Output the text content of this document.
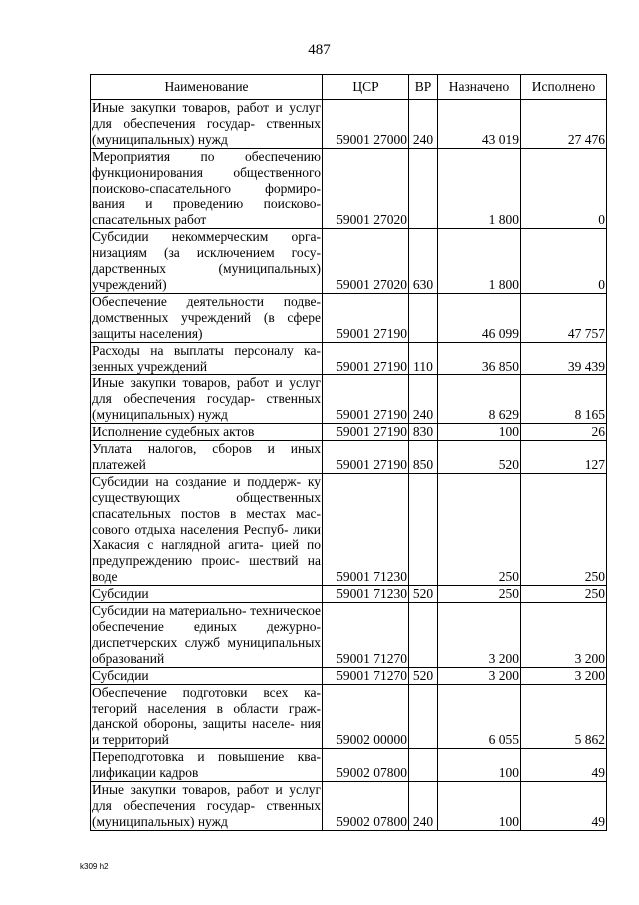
487
Наименование	ЦСР	ВР	Назначено	Исполнено
Иные закупки товаров, работ и услуг для обеспечения государ- ственных (муниципальных) нужд	59001 27000	240	43 019	27 476
Мероприятия по обеспечению функционирования общественного поисково-спасательного формиро- вания и проведению поисково- спасательных работ	59001 27020		1 800	0
Субсидии некоммерческим орга- низациям (за исключением госу- дарственных (муниципальных) учреждений)	59001 27020	630	1 800	0
Обеспечение деятельности подве- домственных учреждений (в сфере защиты населения)	59001 27190		46 099	47 757
Расходы на выплаты персоналу ка- зенных учреждений	59001 27190	110	36 850	39 439
Иные закупки товаров, работ и услуг для обеспечения государ- ственных (муниципальных) нужд	59001 27190	240	8 629	8 165
Исполнение судебных актов	59001 27190	830	100	26
Уплата налогов, сборов и иных платежей	59001 27190	850	520	127
Субсидии на создание и поддерж- ку существующих общественных спасательных постов в местах мас- сового отдыха населения Респуб- лики Хакасия с наглядной агита- цией по предупреждению проис- шествий на воде	59001 71230		250	250
Субсидии	59001 71230	520	250	250
Субсидии на материально- техническое обеспечение единых дежурно-диспетчерских служб муниципальных образований	59001 71270		3 200	3 200
Субсидии	59001 71270	520	3 200	3 200
Обеспечение подготовки всех ка- тегорий населения в области граж- данской обороны, защиты населе- ния и территорий	59002 00000		6 055	5 862
Переподготовка и повышение ква- лификации кадров	59002 07800		100	49
Иные закупки товаров, работ и услуг для обеспечения государ- ственных (муниципальных) нужд	59002 07800	240	100	49
k309 h2
